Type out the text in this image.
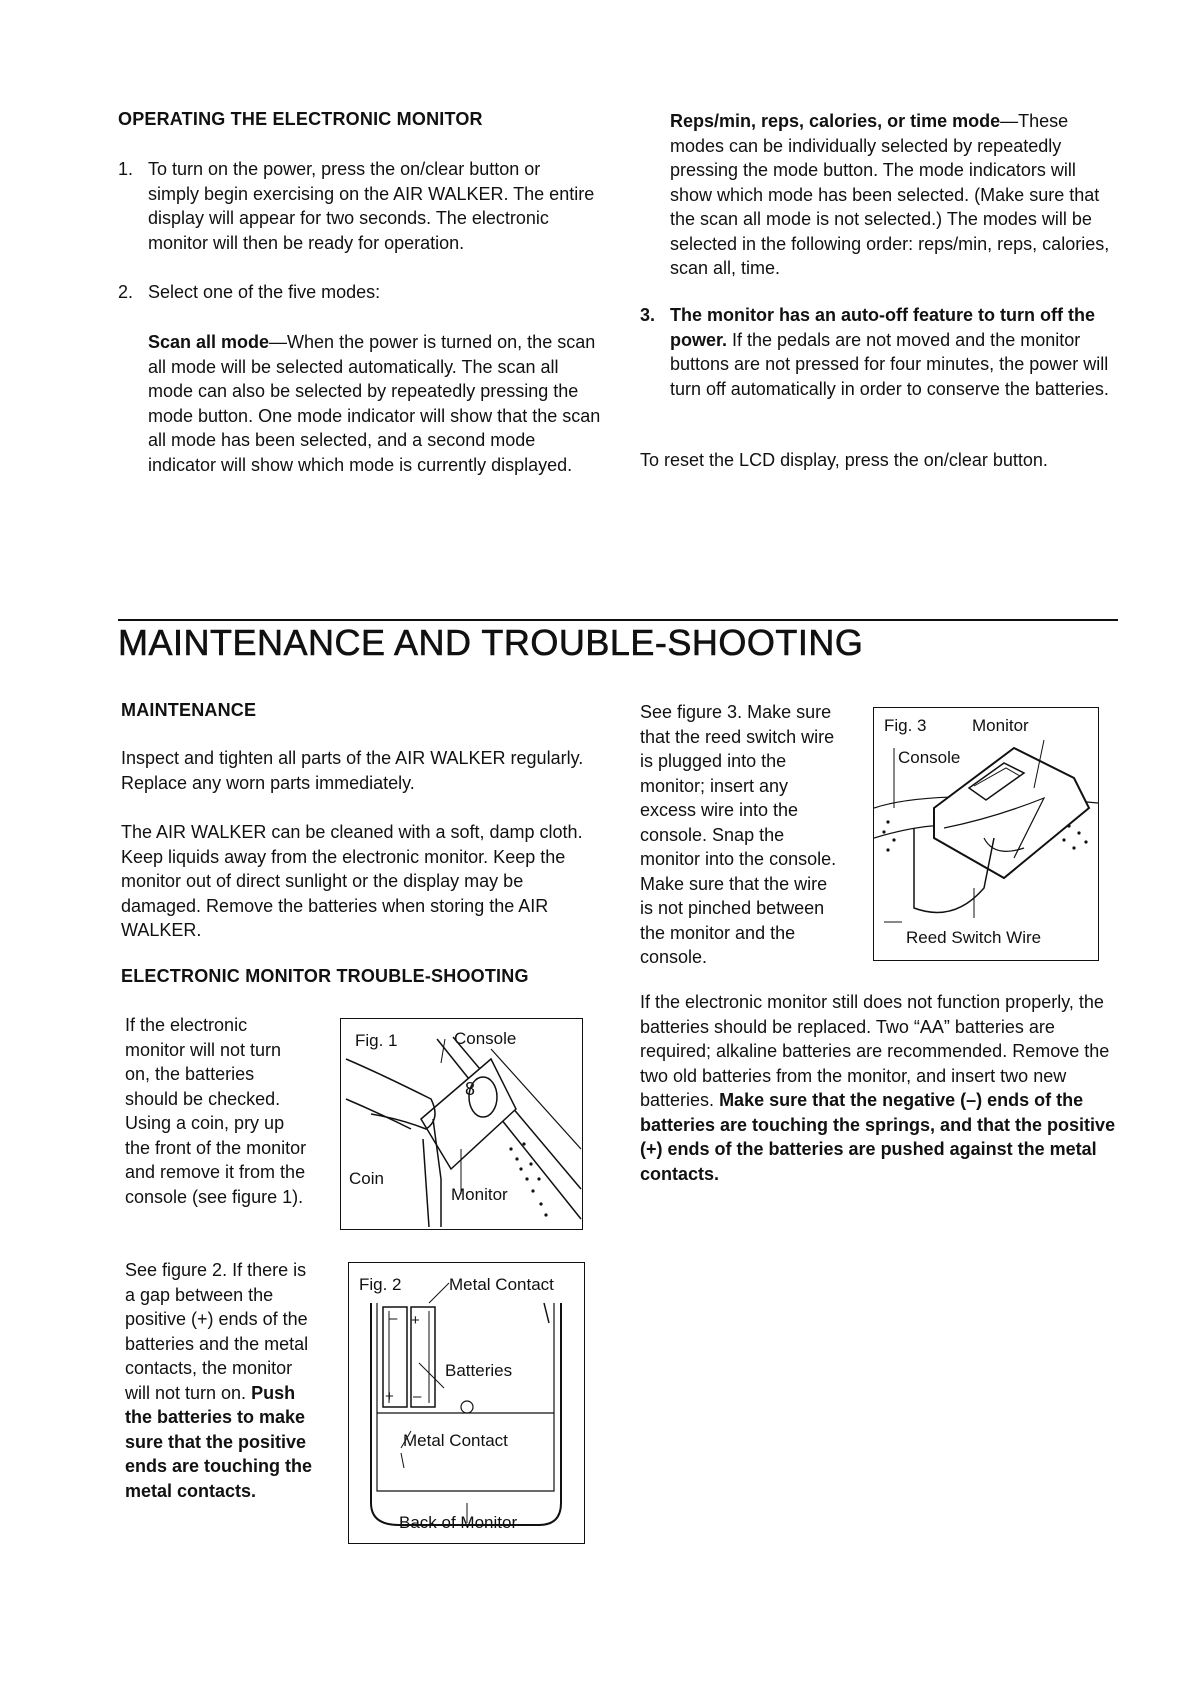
OPERATING THE ELECTRONIC MONITOR
1. To turn on the power, press the on/clear button or simply begin exercising on the AIR WALKER. The entire display will appear for two seconds. The electronic monitor will then be ready for operation.

2. Select one of the five modes:

Scan all mode—When the power is turned on, the scan all mode will be selected automatically. The scan all mode can also be selected by repeatedly pressing the mode button. One mode indicator will show that the scan all mode has been selected, and a second mode indicator will show which mode is currently displayed.

Reps/min, reps, calories, or time mode—These modes can be individually selected by repeatedly pressing the mode button. The mode indicators will show which mode has been selected. (Make sure that the scan all mode is not selected.) The modes will be selected in the following order: reps/min, reps, calories, scan all, time.

3. The monitor has an auto-off feature to turn off the power. If the pedals are not moved and the monitor buttons are not pressed for four minutes, the power will turn off automatically in order to conserve the batteries.

To reset the LCD display, press the on/clear button.
MAINTENANCE AND TROUBLE-SHOOTING
MAINTENANCE
Inspect and tighten all parts of the AIR WALKER regularly. Replace any worn parts immediately.
The AIR WALKER can be cleaned with a soft, damp cloth. Keep liquids away from the electronic monitor. Keep the monitor out of direct sunlight or the display may be damaged. Remove the batteries when storing the AIR WALKER.
ELECTRONIC MONITOR TROUBLE-SHOOTING
If the electronic monitor will not turn on, the batteries should be checked. Using a coin, pry up the front of the monitor and remove it from the console (see figure 1).

See figure 2. If there is a gap between the positive (+) ends of the batteries and the metal contacts, the monitor will not turn on. Push the batteries to make sure that the positive ends are touching the metal contacts.

See figure 3. Make sure that the reed switch wire is plugged into the monitor; insert any excess wire into the console. Snap the monitor into the console. Make sure that the wire is not pinched between the monitor and the console.

If the electronic monitor still does not function properly, the batteries should be replaced. Two “AA” batteries are required; alkaline batteries are recommended. Remove the two old batteries from the monitor, and insert two new batteries. Make sure that the negative (–) ends of the batteries are touching the springs, and that the positive (+) ends of the batteries are pushed against the metal contacts.

Fig. 1	Console
8
Coin
Monitor
Fig. 2	Metal Contact
+
–
+ –
Batteries
Metal Contact
Back of Monitor
Fig. 3	Monitor
Console
Reed Switch Wire
